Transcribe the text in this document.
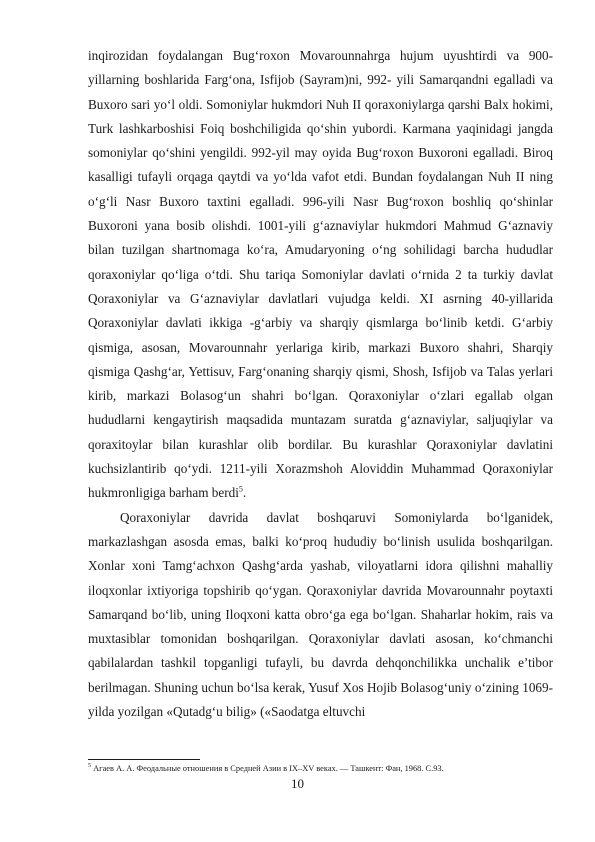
inqirozidan foydalangan Bug‘roxon Movarounnahrga hujum uyushtirdi va 900-yillarning boshlarida Farg‘ona, Isfijob (Sayram)ni, 992- yili Samarqandni egalladi va Buxoro sari yo‘l oldi. Somoniylar hukmdori Nuh II qoraxoniylarga qarshi Balx hokimi, Turk lashkarboshisi Foiq boshchiligida qo‘shin yubordi. Karmana yaqinidagi jangda somoniylar qo‘shini yengildi. 992-yil may oyida Bug‘roxon Buxoroni egalladi. Biroq kasalligi tufayli orqaga qaytdi va yo‘lda vafot etdi. Bundan foydalangan Nuh II ning o‘g‘li Nasr Buxoro taxtini egalladi. 996-yili Nasr Bug‘roxon boshliq qo‘shinlar Buxoroni yana bosib olishdi. 1001-yili g‘aznaviylar hukmdori Mahmud G‘aznaviy bilan tuzilgan shartnomaga ko‘ra, Amudaryoning o‘ng sohilidagi barcha hududlar qoraxoniylar qo‘liga o‘tdi. Shu tariqa Somoniylar davlati o‘rnida 2 ta turkiy davlat Qoraxoniylar va G‘aznaviylar davlatlari vujudga keldi. XI asrning 40-yillarida Qoraxoniylar davlati ikkiga -g‘arbiy va sharqiy qismlarga bo‘linib ketdi. G‘arbiy qismiga, asosan, Movarounnahr yerlariga kirib, markazi Buxoro shahri, Sharqiy qismiga Qashg‘ar, Yettisuv, Farg‘onaning sharqiy qismi, Shosh, Isfijob va Talas yerlari kirib, markazi Bolasog‘un shahri bo‘lgan. Qoraxoniylar o‘zlari egallab olgan hududlarni kengaytirish maqsadida muntazam suratda g‘aznaviylar, saljuqiylar va qoraxitoylar bilan kurashlar olib bordilar. Bu kurashlar Qoraxoniylar davlatini kuchsizlantirib qo‘ydi. 1211-yili Xorazmshoh Aloviddin Muhammad Qoraxoniylar hukmronligiga barham berdi$^5$.

Qoraxoniylar davrida davlat boshqaruvi Somoniylarda bo‘lganidek, markazlashgan asosda emas, balki ko‘proq hududiy bo‘linish usulida boshqarilgan. Xonlar xoni Tamg‘achxon Qashg‘arda yashab, viloyatlarni idora qilishni mahalliy iloqxonlar ixtiyoriga topshirib qo‘ygan. Qoraxoniylar davrida Movarounnahr poytaxti Samarqand bo‘lib, uning Iloqxoni katta obro‘ga ega bo‘lgan. Shaharlar hokim, rais va muxtasiblar tomonidan boshqarilgan. Qoraxoniylar davlati asosan, ko‘chmanchi qabilalardan tashkil topganligi tufayli, bu davrda dehqonchilikka unchalik e’tibor berilmagan. Shuning uchun bo‘lsa kerak, Yusuf Xos Hojib Bolasog‘uniy o‘zining 1069-yilda yozilgan «Qutadg‘u bilig» («Saodatga eltuvchi

$^5$ Агаев А. А. Феодальные отношения в Средней Азии в IX–XV веках. — Ташкент: Фан, 1968. С.93.
10
